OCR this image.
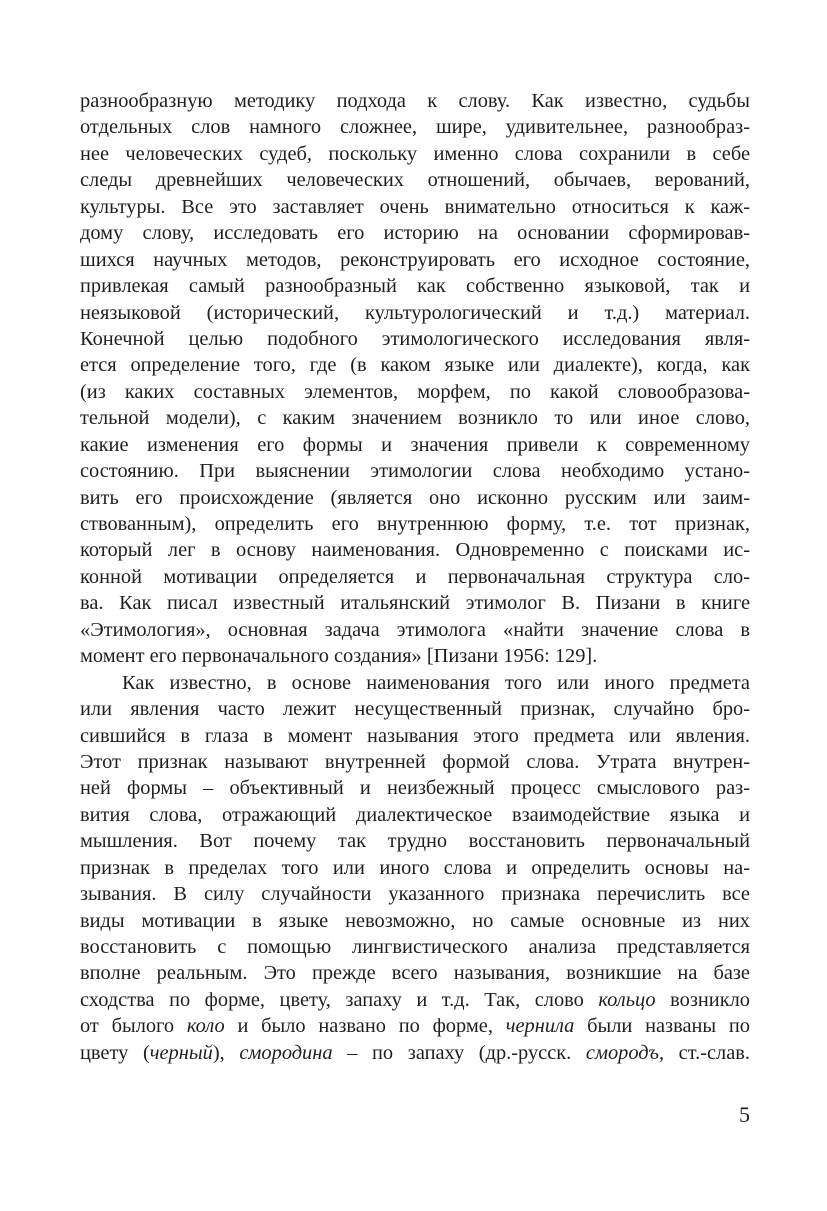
разнообразную методику подхода к слову. Как известно, судьбы
отдельных слов намного сложнее, шире, удивительнее, разнообраз-
нее человеческих судеб, поскольку именно слова сохранили в себе
следы древнейших человеческих отношений, обычаев, верований,
культуры. Все это заставляет очень внимательно относиться к каж-
дому слову, исследовать его историю на основании сформировав-
шихся научных методов, реконструировать его исходное состояние,
привлекая самый разнообразный как собственно языковой, так и
неязыковой (исторический, культурологический и т.д.) материал.
Конечной целью подобного этимологического исследования явля-
ется определение того, где (в каком языке или диалекте), когда, как
(из каких составных элементов, морфем, по какой словообразова-
тельной модели), с каким значением возникло то или иное слово,
какие изменения его формы и значения привели к современному
состоянию. При выяснении этимологии слова необходимо устано-
вить его происхождение (является оно исконно русским или заим-
ствованным), определить его внутреннюю форму, т.е. тот признак,
который лег в основу наименования. Одновременно с поисками ис-
конной мотивации определяется и первоначальная структура сло-
ва. Как писал известный итальянский этимолог В. Пизани в книге
«Этимология», основная задача этимолога «найти значение слова в
момент его первоначального создания» [Пизани 1956: 129].
Как известно, в основе наименования того или иного предмета
или явления часто лежит несущественный признак, случайно бро-
сившийся в глаза в момент называния этого предмета или явления.
Этот признак называют внутренней формой слова. Утрата внутрен-
ней формы – объективный и неизбежный процесс смыслового раз-
вития слова, отражающий диалектическое взаимодействие языка и
мышления. Вот почему так трудно восстановить первоначальный
признак в пределах того или иного слова и определить основы на-
зывания. В силу случайности указанного признака перечислить все
виды мотивации в языке невозможно, но самые основные из них
восстановить с помощью лингвистического анализа представляется
вполне реальным. Это прежде всего называния, возникшие на базе
сходства по форме, цвету, запаху и т.д. Так, слово кольцо возникло
от былого коло и было названо по форме, чернила были названы по
цвету (черный), смородина – по запаху (др.-русск. смородъ, ст.-слав.
5
